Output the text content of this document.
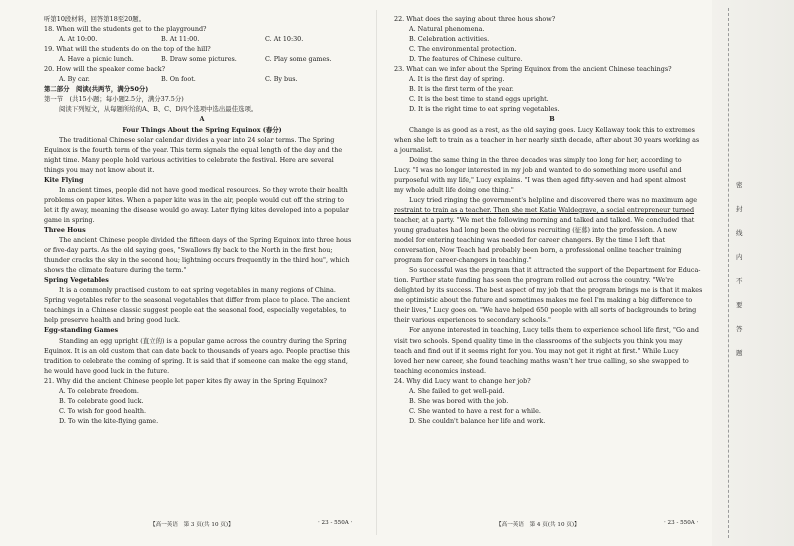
听第10段材料，回答第18至20题。
18. When will the students get to the playground?
A. At 10:00.	B. At 11:00.	C. At 10:30.
19. What will the students do on the top of the hill?
A. Have a picnic lunch.	B. Draw some pictures.	C. Play some games.
20. How will the speaker come back?
A. By car.	B. On foot.	C. By bus.
第二部分　阅读(共两节，满分50分)
第一节　(共15小题；每小题2.5分，满分37.5分)
阅读下列短文，从每题所给的A、B、C、D四个选项中选出最佳选项。
A
Four Things About the Spring Equinox (春分)
The traditional Chinese solar calendar divides a year into 24 solar terms. The Spring
Equinox is the fourth term of the year. This term signals the equal length of the day and the
night time. Many people hold various activities to celebrate the festival. Here are several
things you may not know about it.
Kite Flying
In ancient times, people did not have good medical resources. So they wrote their health
problems on paper kites. When a paper kite was in the air, people would cut off the string to
let it fly away, meaning the disease would go away. Later flying kites developed into a popular
game in spring.
Three Hous
The ancient Chinese people divided the fifteen days of the Spring Equinox into three hous
or five-day parts. As the old saying goes, "Swallows fly back to the North in the first hou;
thunder cracks the sky in the second hou; lightning occurs frequently in the third hou", which
shows the climate feature during the term."
Spring Vegetables
It is a commonly practised custom to eat spring vegetables in many regions of China.
Spring vegetables refer to the seasonal vegetables that differ from place to place. The ancient
teachings in a Chinese classic suggest people eat the seasonal food, especially vegetables, to
help preserve health and bring good luck.
Egg-standing Games
Standing an egg upright (直立的) is a popular game across the country during the Spring
Equinox. It is an old custom that can date back to thousands of years ago. People practise this
tradition to celebrate the coming of spring. It is said that if someone can make the egg stand,
he would have good luck in the future.
21. Why did the ancient Chinese people let paper kites fly away in the Spring Equinox?
A. To celebrate freedom.
B. To celebrate good luck.
C. To wish for good health.
D. To win the kite-flying game.
【高一英语　第 3 页(共 10 页)】	· 23 - 550A ·
22. What does the saying about three hous show?
A. Natural phenomena.
B. Celebration activities.
C. The environmental protection.
D. The features of Chinese culture.
23. What can we infer about the Spring Equinox from the ancient Chinese teachings?
A. It is the first day of spring.
B. It is the first term of the year.
C. It is the best time to stand eggs upright.
D. It is the right time to eat spring vegetables.
B
Change is as good as a rest, as the old saying goes. Lucy Kellaway took this to extremes
when she left to train as a teacher in her nearly sixth decade, after about 30 years working as
a journalist.
Doing the same thing in the three decades was simply too long for her, according to
Lucy. "I was no longer interested in my job and wanted to do something more useful and
purposeful with my life," Lucy explains. "I was then aged fifty-seven and had spent almost
my whole adult life doing one thing."
Lucy tried ringing the government's helpline and discovered there was no maximum age
restraint to train as a teacher. Then she met Katie Waldegrave, a social entrepreneur turned
teacher, at a party. "We met the following morning and talked and talked. We concluded that
young graduates had long been the obvious recruiting (征募) into the profession. A new
model for entering teaching was needed for career changers. By the time I left that
conversation, Now Teach had probably been born, a professional online teacher training
program for career-changers in teaching."
So successful was the program that it attracted the support of the Department for Educa-
tion. Further state funding has seen the program rolled out across the country. "We're
delighted by its success. The best aspect of my job that the program brings me is that it makes
me optimistic about the future and sometimes makes me feel I'm making a big difference to
their lives," Lucy goes on. "We have helped 650 people with all sorts of backgrounds to bring
their various experiences to secondary schools."
For anyone interested in teaching, Lucy tells them to experience school life first, "Go and
visit two schools. Spend quality time in the classrooms of the subjects you think you may
teach and find out if it seems right for you. You may not get it right at first." While Lucy
loved her new career, she found teaching maths wasn't her true calling, so she swapped to
teaching economics instead.
24. Why did Lucy want to change her job?
A. She failed to get well-paid.
B. She was bored with the job.
C. She wanted to have a rest for a while.
D. She couldn't balance her life and work.
【高一英语　第 4 页(共 10 页)】	· 23 - 550A ·
密
封
线
内
不
要
答
题
